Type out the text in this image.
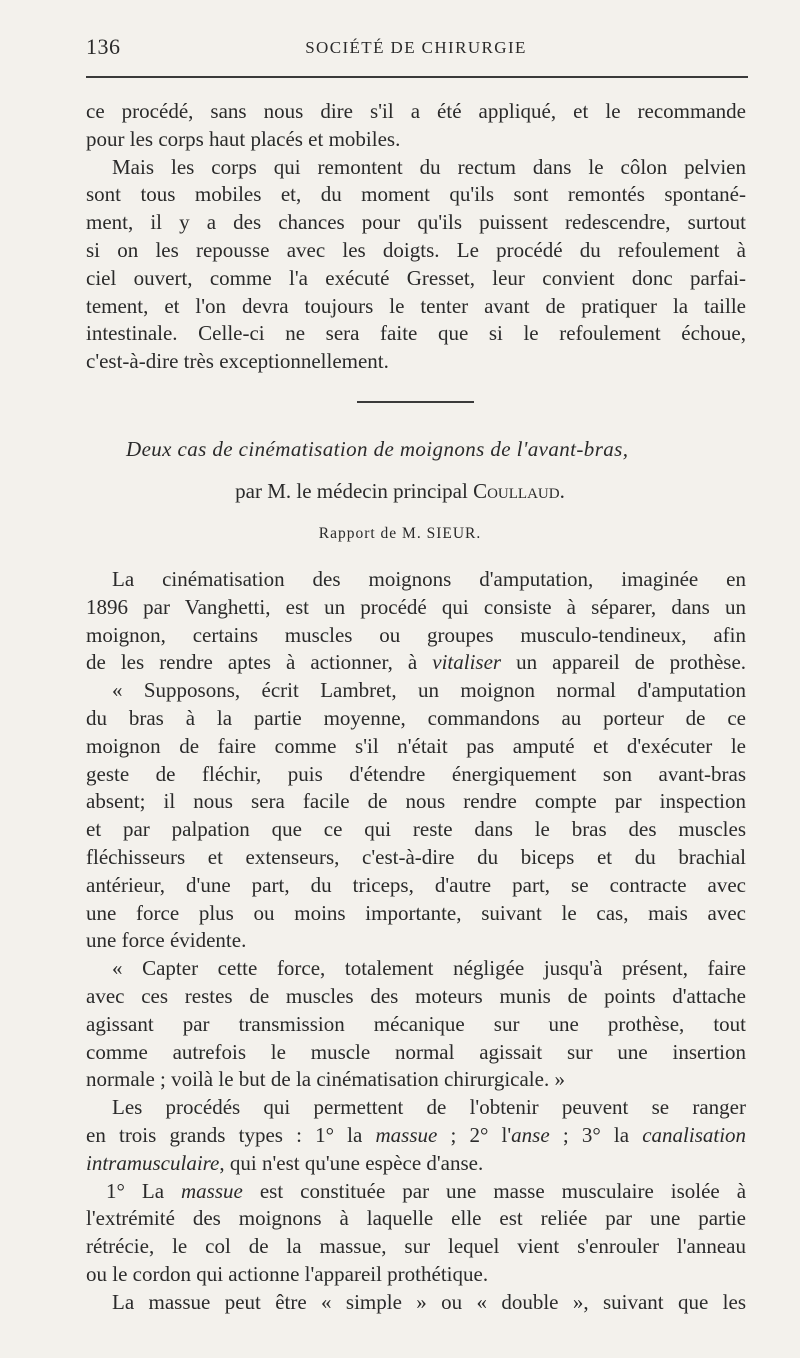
136	SOCIÉTÉ DE CHIRURGIE
ce procédé, sans nous dire s'il a été appliqué, et le recommande
pour les corps haut placés et mobiles.
Mais les corps qui remontent du rectum dans le côlon pelvien
sont tous mobiles et, du moment qu'ils sont remontés spontané-
ment, il y a des chances pour qu'ils puissent redescendre, surtout
si on les repousse avec les doigts. Le procédé du refoulement à
ciel ouvert, comme l'a exécuté Gresset, leur convient donc parfai-
tement, et l'on devra toujours le tenter avant de pratiquer la taille
intestinale. Celle-ci ne sera faite que si le refoulement échoue,
c'est-à-dire très exceptionnellement.
Deux cas de cinématisation de moignons de l'avant-bras,
par M. le médecin principal Coullaud.
Rapport de M. SIEUR.
La cinématisation des moignons d'amputation, imaginée en
1896 par Vanghetti, est un procédé qui consiste à séparer, dans un
moignon, certains muscles ou groupes musculo-tendineux, afin
de les rendre aptes à actionner, à vitaliser un appareil de prothèse.
« Supposons, écrit Lambret, un moignon normal d'amputation
du bras à la partie moyenne, commandons au porteur de ce
moignon de faire comme s'il n'était pas amputé et d'exécuter le
geste de fléchir, puis d'étendre énergiquement son avant-bras
absent; il nous sera facile de nous rendre compte par inspection
et par palpation que ce qui reste dans le bras des muscles
fléchisseurs et extenseurs, c'est-à-dire du biceps et du brachial
antérieur, d'une part, du triceps, d'autre part, se contracte avec
une force plus ou moins importante, suivant le cas, mais avec
une force évidente.
« Capter cette force, totalement négligée jusqu'à présent, faire
avec ces restes de muscles des moteurs munis de points d'attache
agissant par transmission mécanique sur une prothèse, tout
comme autrefois le muscle normal agissait sur une insertion
normale ; voilà le but de la cinématisation chirurgicale. »
Les procédés qui permettent de l'obtenir peuvent se ranger
en trois grands types : 1° la massue ; 2° l'anse ; 3° la canalisation
intramusculaire, qui n'est qu'une espèce d'anse.
1° La massue est constituée par une masse musculaire isolée à
l'extrémité des moignons à laquelle elle est reliée par une partie
rétrécie, le col de la massue, sur lequel vient s'enrouler l'anneau
ou le cordon qui actionne l'appareil prothétique.
La massue peut être « simple » ou « double », suivant que les
